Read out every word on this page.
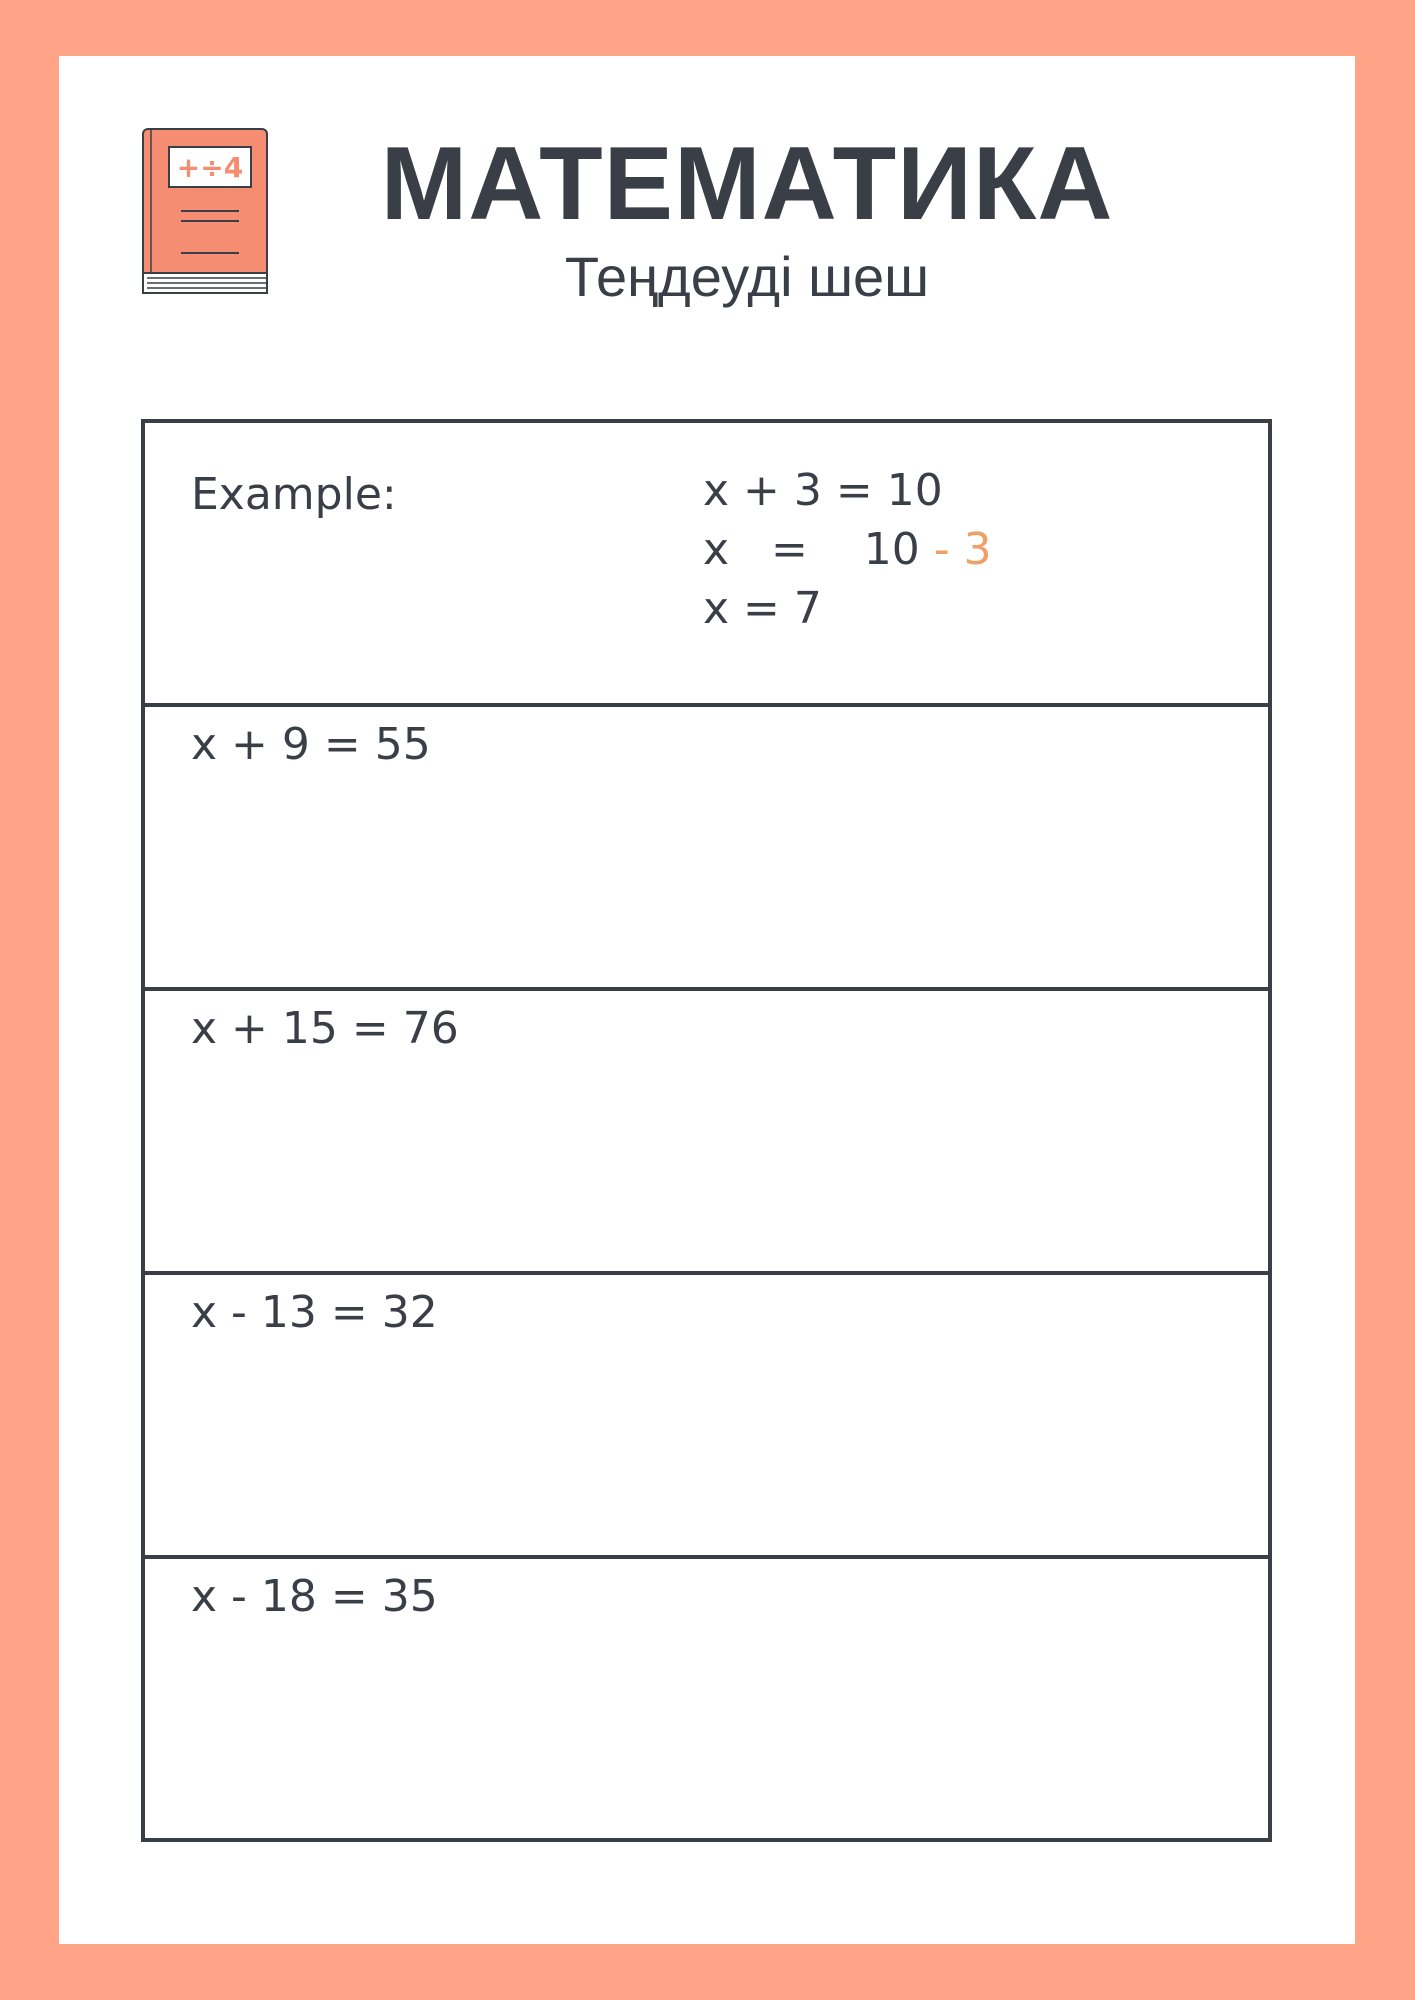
+÷4	МАТЕМАТИКА
Теңдеуді шеш
Example:	x + 3 = 10
x   =    10 - 3
x = 7
x + 9 = 55
x + 15 = 76
x - 13 = 32
x - 18 = 35
